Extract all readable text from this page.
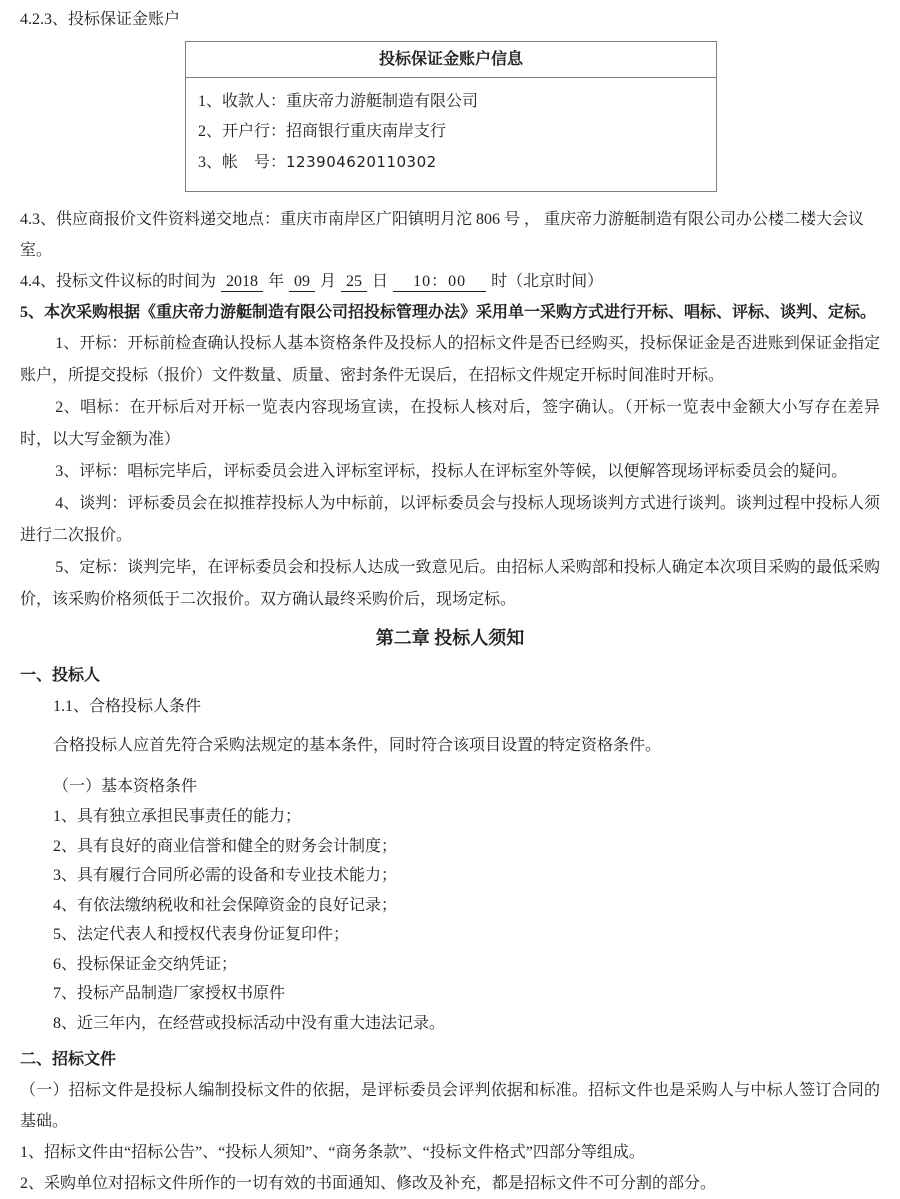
4.2.3、投标保证金账户

投标保证金账户信息

1、收款人：重庆帝力游艇制造有限公司

2、开户行：招商银行重庆南岸支行

3、帐　号：123904620110302

4.3、供应商报价文件资料递交地点：重庆市南岸区广阳镇明月沱 806 号 ， 重庆帝力游艇制造有限公司办公楼二楼大会议室。

4.4、投标文件议标的时间为 2018 年 09 月 25 日 10：00 时（北京时间）

5、本次采购根据《重庆帝力游艇制造有限公司招投标管理办法》采用单一采购方式进行开标、唱标、评标、谈判、定标。

1、开标：开标前检查确认投标人基本资格条件及投标人的招标文件是否已经购买，投标保证金是否进账到保证金指定账户，所提交投标（报价）文件数量、质量、密封条件无误后，在招标文件规定开标时间准时开标。

2、唱标：在开标后对开标一览表内容现场宣读，在投标人核对后，签字确认。（开标一览表中金额大小写存在差异时，以大写金额为准）

3、评标：唱标完毕后，评标委员会进入评标室评标，投标人在评标室外等候，以便解答现场评标委员会的疑问。

4、谈判：评标委员会在拟推荐投标人为中标前，以评标委员会与投标人现场谈判方式进行谈判。谈判过程中投标人须进行二次报价。

5、定标：谈判完毕，在评标委员会和投标人达成一致意见后。由招标人采购部和投标人确定本次项目采购的最低采购价，该采购价格须低于二次报价。双方确认最终采购价后，现场定标。

第二章 投标人须知

一、投标人

1.1、合格投标人条件

合格投标人应首先符合采购法规定的基本条件，同时符合该项目设置的特定资格条件。

（一）基本资格条件

1、具有独立承担民事责任的能力；

2、具有良好的商业信誉和健全的财务会计制度；

3、具有履行合同所必需的设备和专业技术能力；

4、有依法缴纳税收和社会保障资金的良好记录；

5、法定代表人和授权代表身份证复印件；

6、投标保证金交纳凭证；

7、投标产品制造厂家授权书原件

8、近三年内，在经营或投标活动中没有重大违法记录。

二、招标文件

（一）招标文件是投标人编制投标文件的依据，是评标委员会评判依据和标准。招标文件也是采购人与中标人签订合同的基础。

1、招标文件由“招标公告”、“投标人须知”、“商务条款”、“投标文件格式”四部分等组成。

2、采购单位对招标文件所作的一切有效的书面通知、修改及补充，都是招标文件不可分割的部分。
